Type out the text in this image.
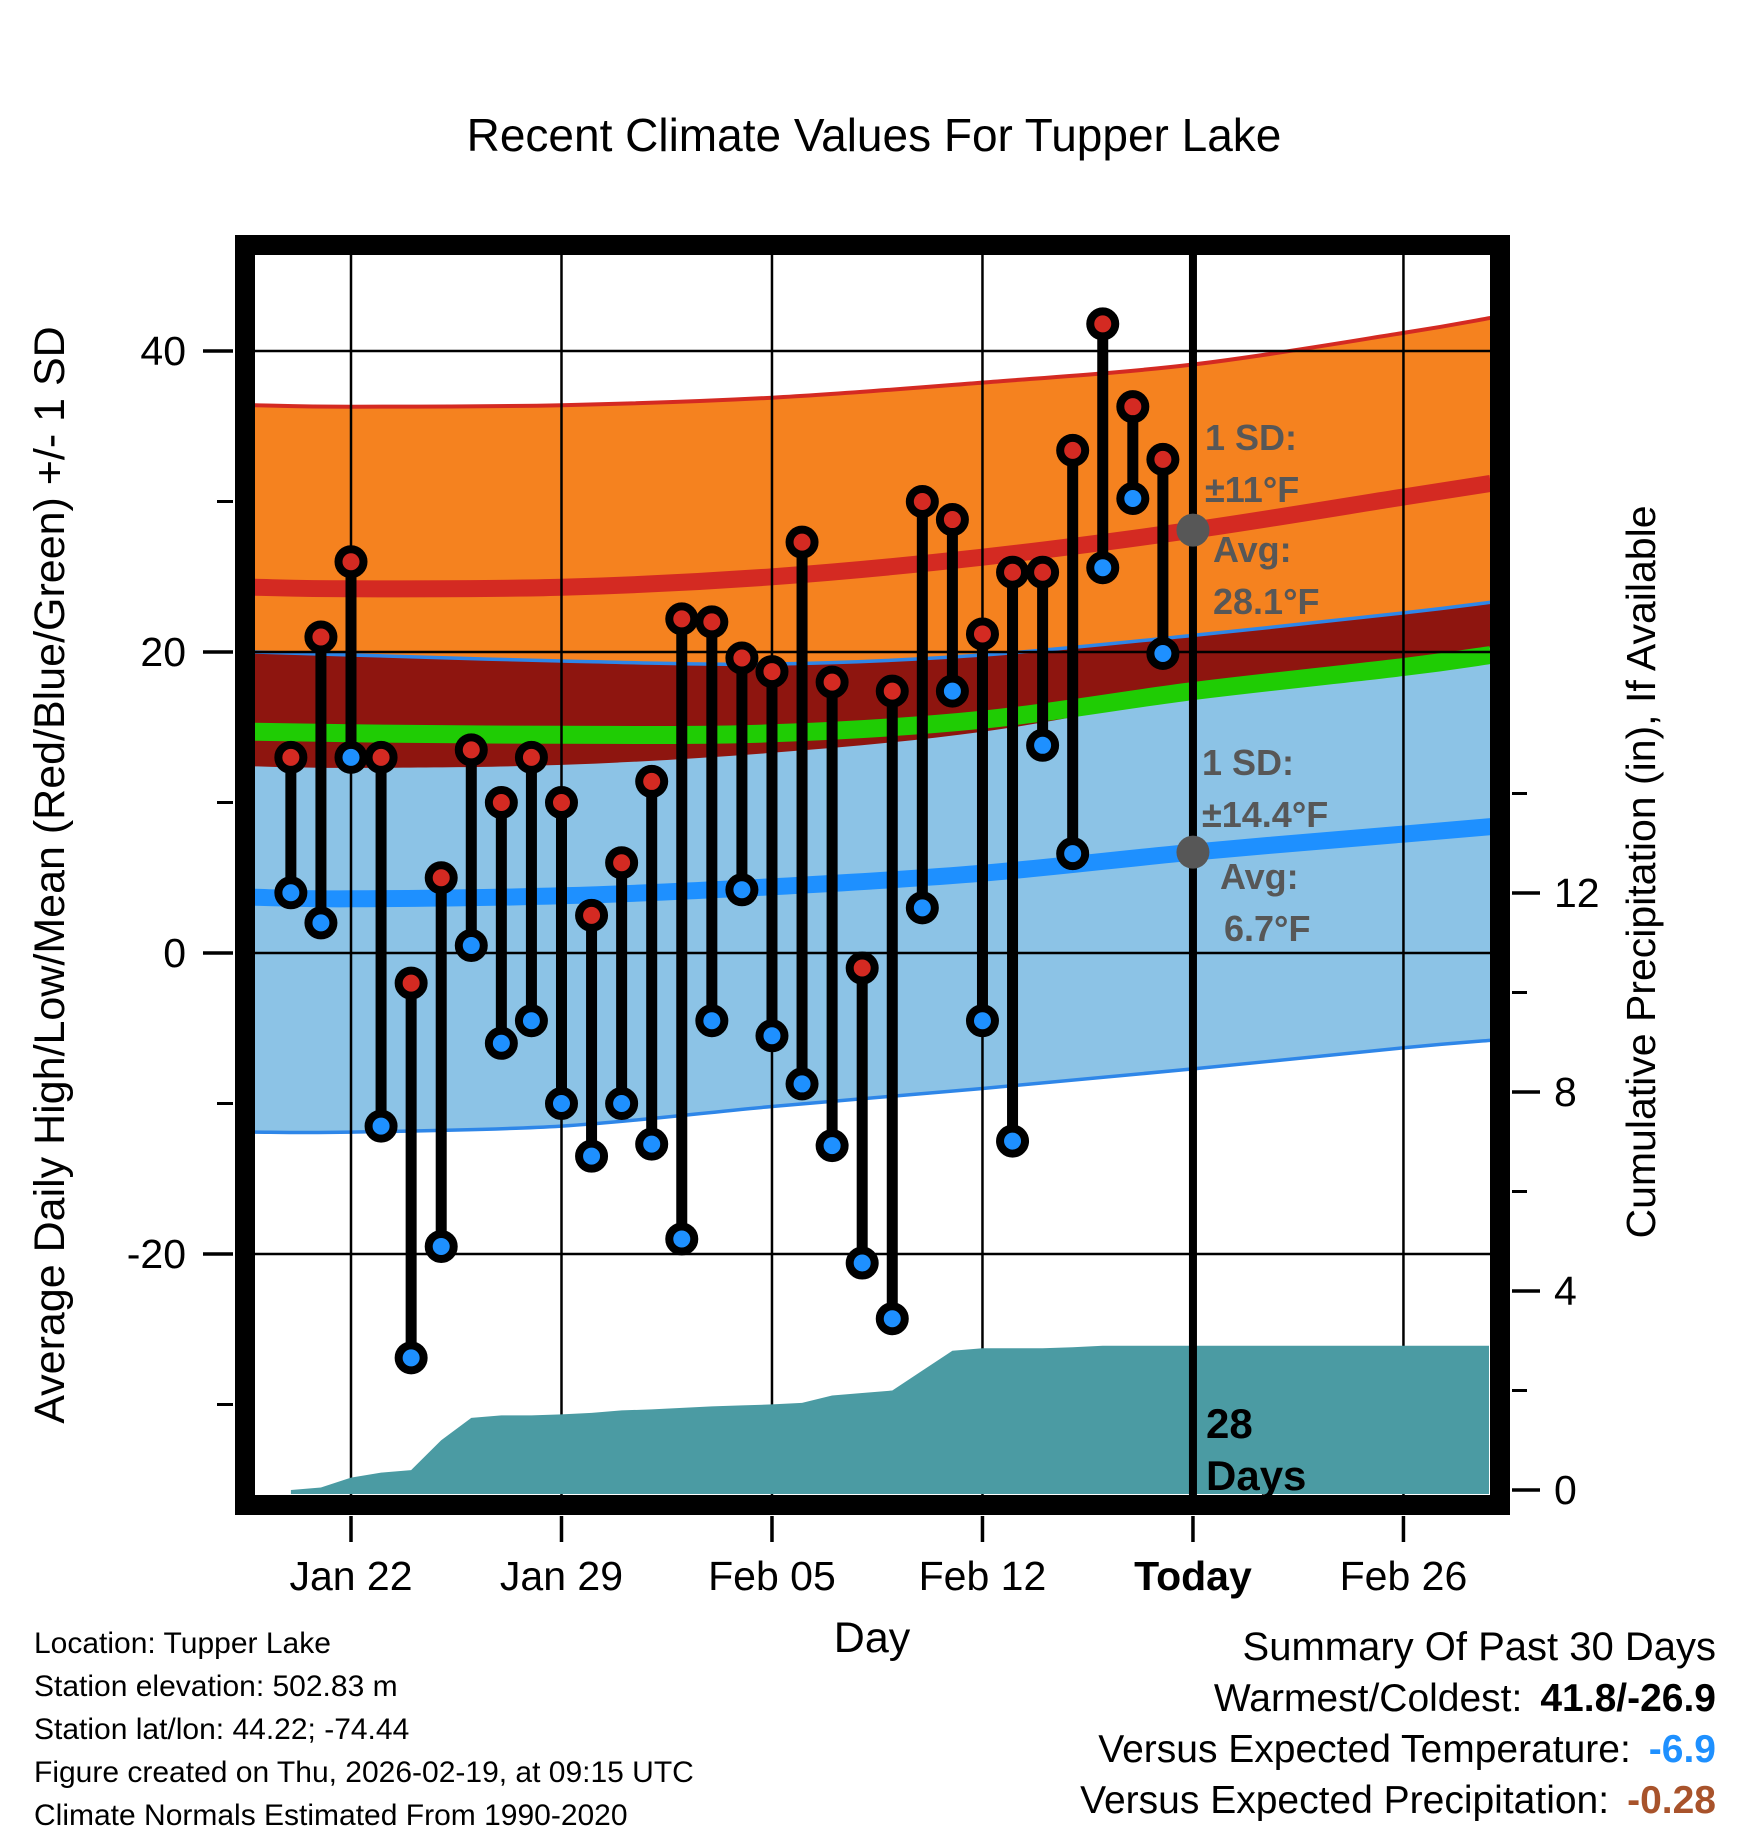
Recent Climate Values For Tupper Lake
28
Days
1 SD:
±11°F
Avg:
28.1°F
1 SD:
±14.4°F
Avg:
6.7°F
40
20
0
-20
12
8
4
0
Jan 22 Jan 29 Feb 05 Feb 12 Today Feb 26
Day
Average Daily High/Low/Mean (Red/Blue/Green) +/- 1 SD	Cumulative Precipitation (in), If Available
Location: Tupper Lake
Station elevation: 502.83 m
Station lat/lon: 44.22; -74.44
Figure created on Thu, 2026-02-19, at 09:15 UTC
Climate Normals Estimated From 1990-2020
Summary Of Past 30 Days
Warmest/Coldest: 41.8/-26.9
Versus Expected Temperature: -6.9
Versus Expected Precipitation: -0.28
